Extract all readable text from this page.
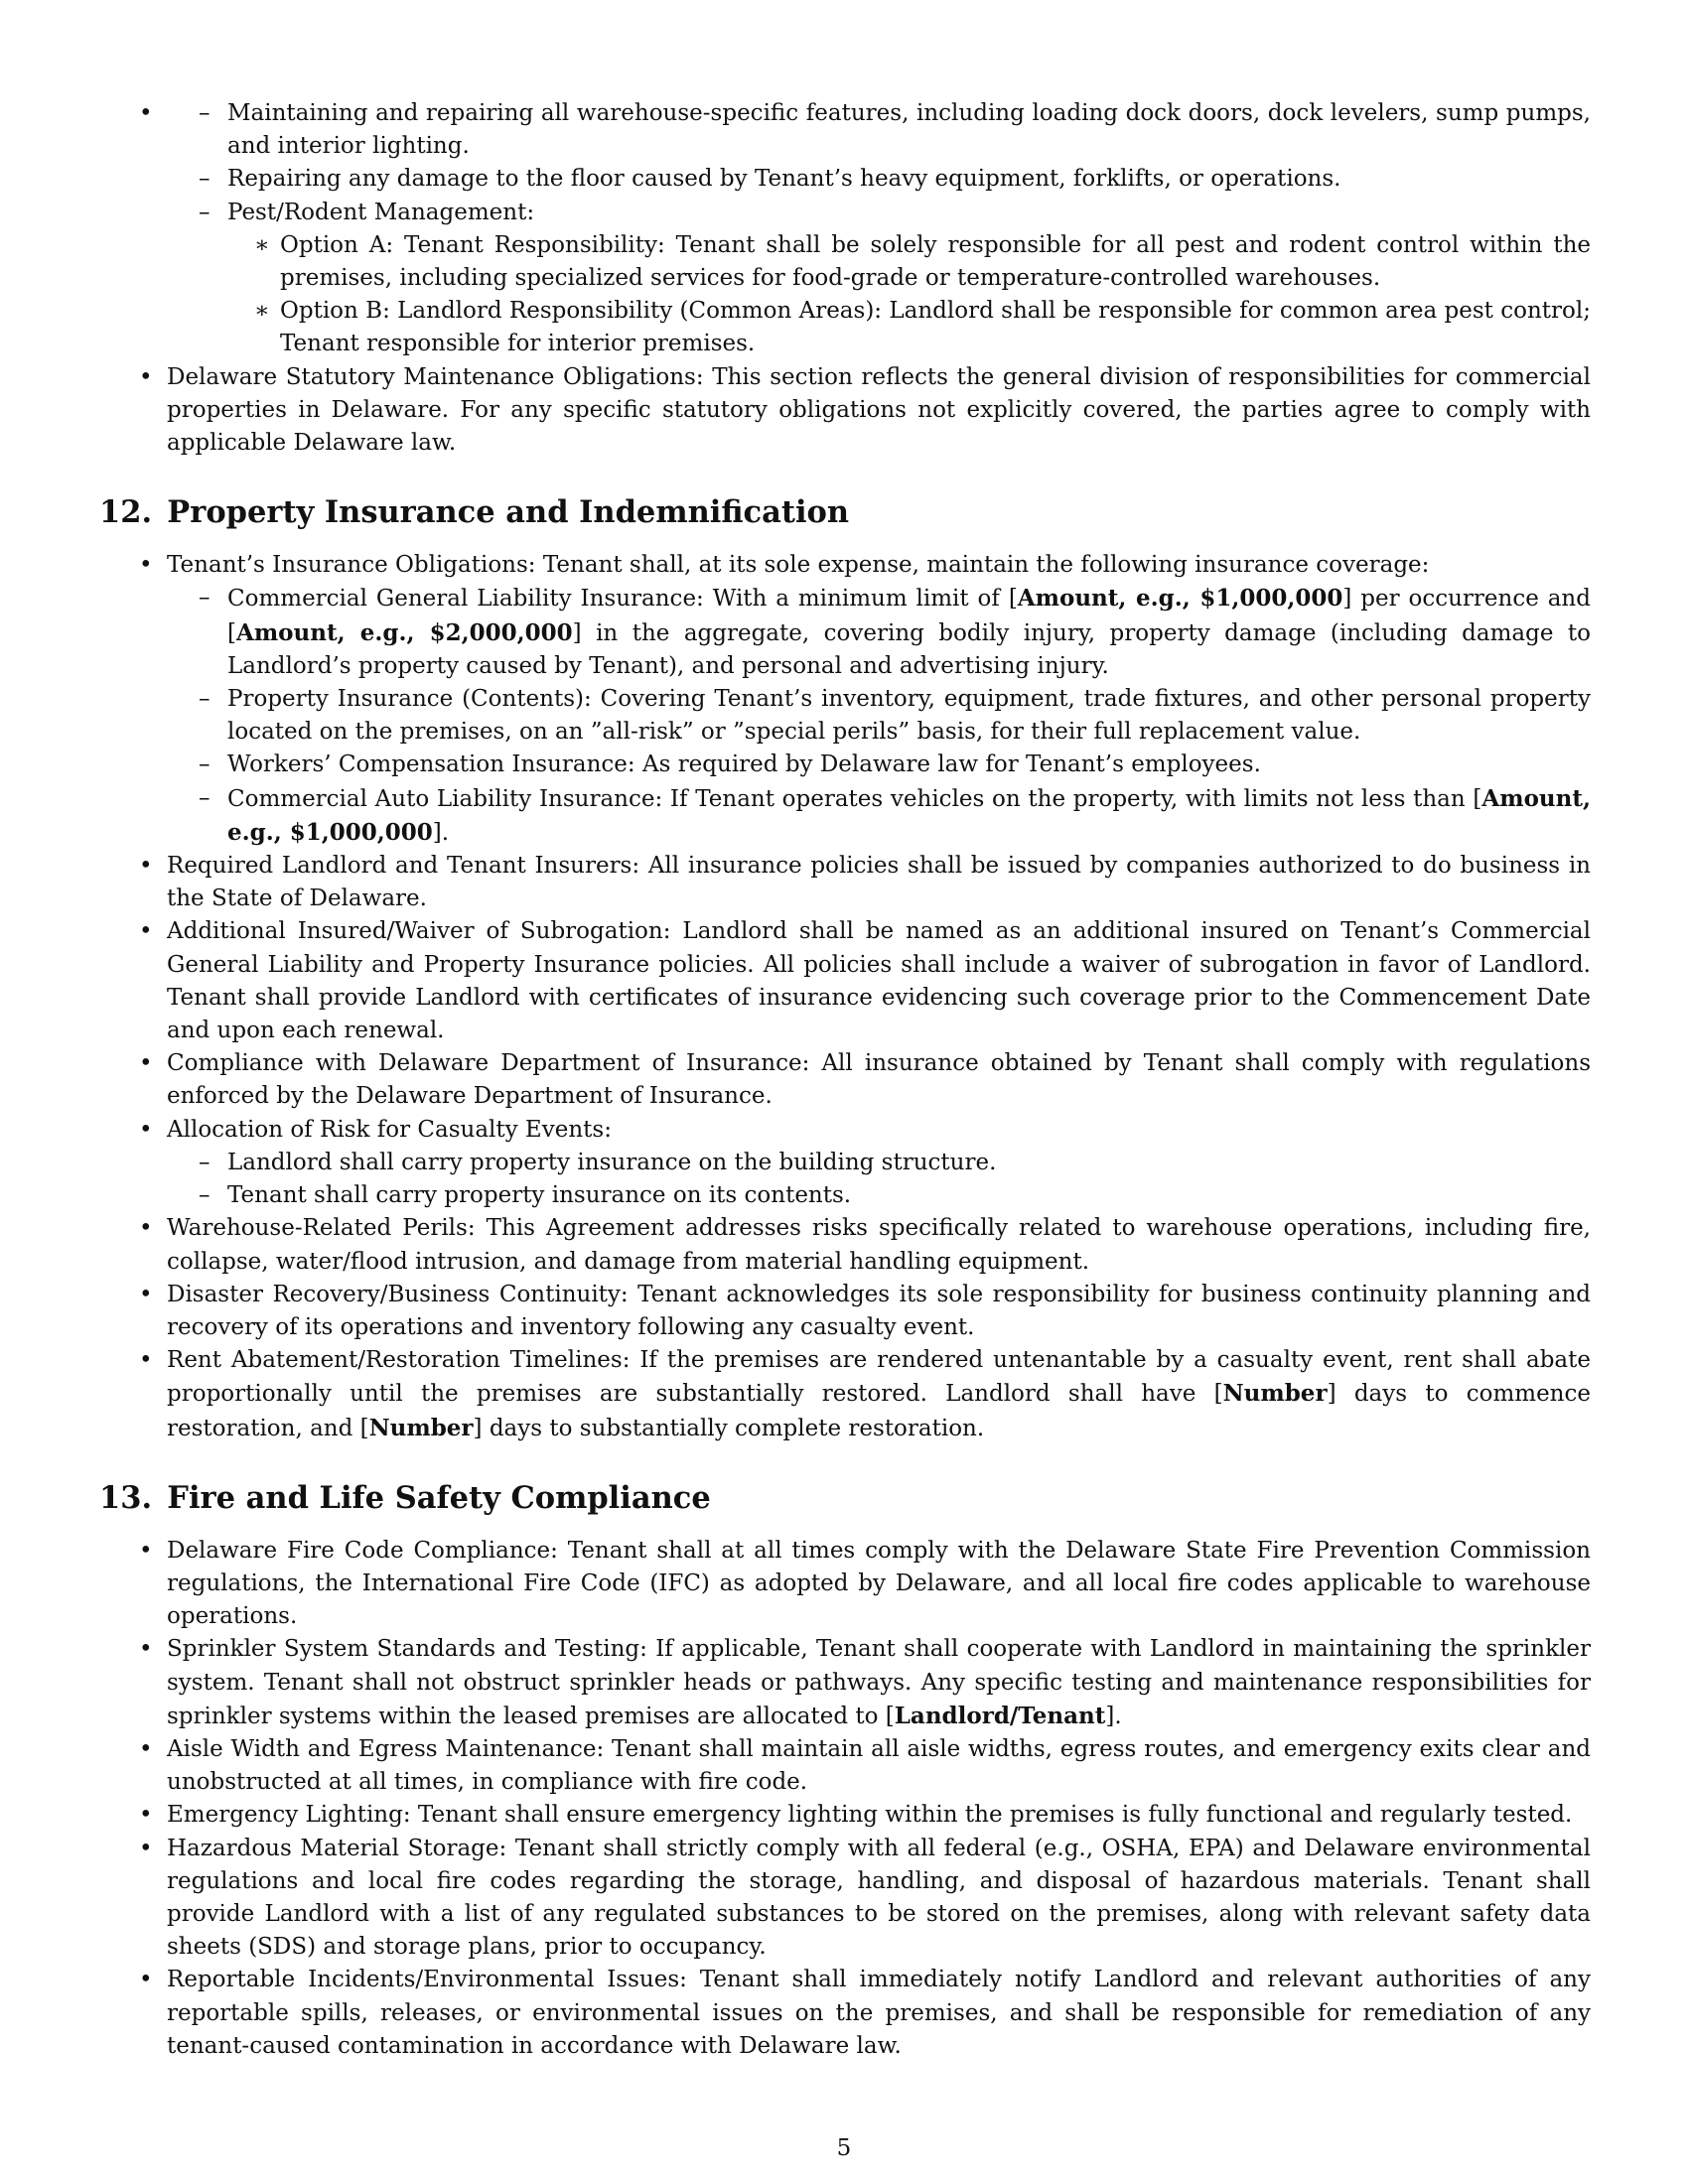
– • Maintaining and repairing all warehouse-specific features, including loading dock doors, dock levelers, sump pumps, and interior lighting.
– Repairing any damage to the floor caused by Tenant’s heavy equipment, forklifts, or operations.
– Pest/Rodent Management:
∗ Option A: Tenant Responsibility: Tenant shall be solely responsible for all pest and rodent control within the premises, including specialized services for food-grade or temperature-controlled warehouses.
∗ Option B: Landlord Responsibility (Common Areas): Landlord shall be responsible for common area pest control; Tenant responsible for interior premises.
• Delaware Statutory Maintenance Obligations: This section reflects the general division of responsibilities for commercial properties in Delaware. For any specific statutory obligations not explicitly covered, the parties agree to comply with applicable Delaware law.
12. Property Insurance and Indemnification
• Tenant’s Insurance Obligations: Tenant shall, at its sole expense, maintain the following insurance coverage:
– Commercial General Liability Insurance: With a minimum limit of [Amount, e.g., $1,000,000] per occurrence and [Amount, e.g., $2,000,000] in the aggregate, covering bodily injury, property damage (including damage to Landlord’s property caused by Tenant), and personal and advertising injury.
– Property Insurance (Contents): Covering Tenant’s inventory, equipment, trade fixtures, and other personal property located on the premises, on an ”all-risk” or ”special perils” basis, for their full replacement value.
– Workers’ Compensation Insurance: As required by Delaware law for Tenant’s employees.
– Commercial Auto Liability Insurance: If Tenant operates vehicles on the property, with limits not less than [Amount, e.g., $1,000,000].
• Required Landlord and Tenant Insurers: All insurance policies shall be issued by companies authorized to do business in the State of Delaware.
• Additional Insured/Waiver of Subrogation: Landlord shall be named as an additional insured on Tenant’s Commercial General Liability and Property Insurance policies. All policies shall include a waiver of subrogation in favor of Landlord. Tenant shall provide Landlord with certificates of insurance evidencing such coverage prior to the Commencement Date and upon each renewal.
• Compliance with Delaware Department of Insurance: All insurance obtained by Tenant shall comply with regulations enforced by the Delaware Department of Insurance.
• Allocation of Risk for Casualty Events:
– Landlord shall carry property insurance on the building structure.
– Tenant shall carry property insurance on its contents.
• Warehouse-Related Perils: This Agreement addresses risks specifically related to warehouse operations, including fire, collapse, water/flood intrusion, and damage from material handling equipment.
• Disaster Recovery/Business Continuity: Tenant acknowledges its sole responsibility for business continuity planning and recovery of its operations and inventory following any casualty event.
• Rent Abatement/Restoration Timelines: If the premises are rendered untenantable by a casualty event, rent shall abate proportionally until the premises are substantially restored. Landlord shall have [Number] days to commence restoration, and [Number] days to substantially complete restoration.
13. Fire and Life Safety Compliance
• Delaware Fire Code Compliance: Tenant shall at all times comply with the Delaware State Fire Prevention Commission regulations, the International Fire Code (IFC) as adopted by Delaware, and all local fire codes applicable to warehouse operations.
• Sprinkler System Standards and Testing: If applicable, Tenant shall cooperate with Landlord in maintaining the sprinkler system. Tenant shall not obstruct sprinkler heads or pathways. Any specific testing and maintenance responsibilities for sprinkler systems within the leased premises are allocated to [Landlord/Tenant].
• Aisle Width and Egress Maintenance: Tenant shall maintain all aisle widths, egress routes, and emergency exits clear and unobstructed at all times, in compliance with fire code.
• Emergency Lighting: Tenant shall ensure emergency lighting within the premises is fully functional and regularly tested.
• Hazardous Material Storage: Tenant shall strictly comply with all federal (e.g., OSHA, EPA) and Delaware environmental regulations and local fire codes regarding the storage, handling, and disposal of hazardous materials. Tenant shall provide Landlord with a list of any regulated substances to be stored on the premises, along with relevant safety data sheets (SDS) and storage plans, prior to occupancy.
• Reportable Incidents/Environmental Issues: Tenant shall immediately notify Landlord and relevant authorities of any reportable spills, releases, or environmental issues on the premises, and shall be responsible for remediation of any tenant-caused contamination in accordance with Delaware law.
5
